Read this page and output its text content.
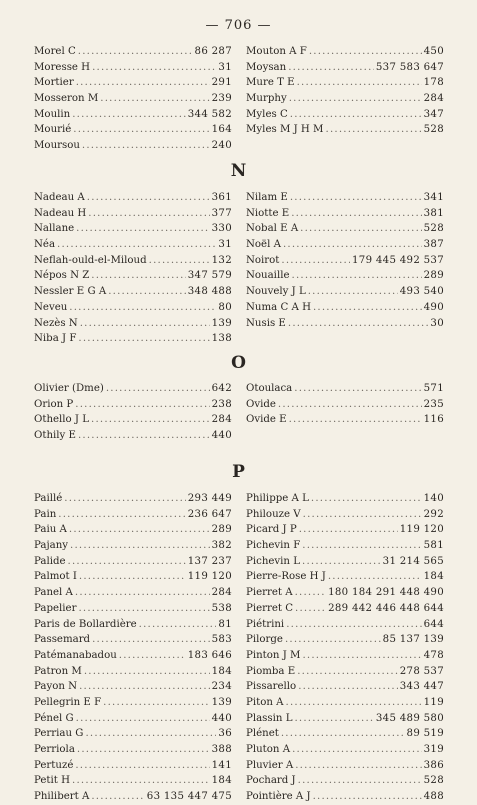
— 706 —
Morel C .....	86 287
Moresse H .....	31
Mortier .....	291
Mosseron M .....	239
Moulin .....	344 582
Mourié .....	164
Moursou .....	240
Mouton A F .....	450
Moysan .....	537 583 647
Mure T E .....	178
Murphy .....	284
Myles C .....	347
Myles M J H M .....	528
N
Nadeau A .....	361
Nadeau H .....	377
Nallane .....	330
Néa .....	31
Neflah-ould-el-Miloud .....	132
Népos N Z .....	347 579
Nessler E G A .....	348 488
Neveu .....	80
Nezès N .....	139
Niba J F .....	138
Nilam E .....	341
Niotte E .....	381
Nobal E A .....	528
Noël A .....	387
Noirot .....	179 445 492 537
Nouaille .....	289
Nouvely J L .....	493 540
Numa C A H .....	490
Nusis E .....	30
O
Olivier (Dme) .....	642
Orion P .....	238
Othello J L .....	284
Othily E .....	440
Otoulaca .....	571
Ovide .....	235
Ovide E .....	116
P
Paillé .....	293 449
Pain .....	236 647
Paiu A .....	289
Pajany .....	382
Palide .....	137 237
Palmot I .....	119 120
Panel A .....	284
Papelier .....	538
Paris de Bollardière .....	81
Passemard .....	583
Patémanabadou .....	183 646
Patron M .....	184
Payon N .....	234
Pellegrin E F .....	139
Pénel G .....	440
Perriau G .....	36
Perriola .....	388
Pertuzé .....	141
Petit H .....	184
Philibert A .....	63 135 447 475
Philippe A L .....	140
Philouze V .....	292
Picard J P .....	119 120
Pichevin F .....	581
Pichevin L .....	31 214 565
Pierre-Rose H J .....	184
Pierret A .....	180 184 291 448 490
Pierret C .....	289 442 446 448 644
Piétrini .....	644
Pilorge .....	85 137 139
Pinton J M .....	478
Piomba E .....	278 537
Pissarello .....	343 447
Piton A .....	119
Plassin L .....	345 489 580
Plénet .....	89 519
Pluton A .....	319
Pluvier A .....	386
Pochard J .....	528
Pointière A J .....	488
